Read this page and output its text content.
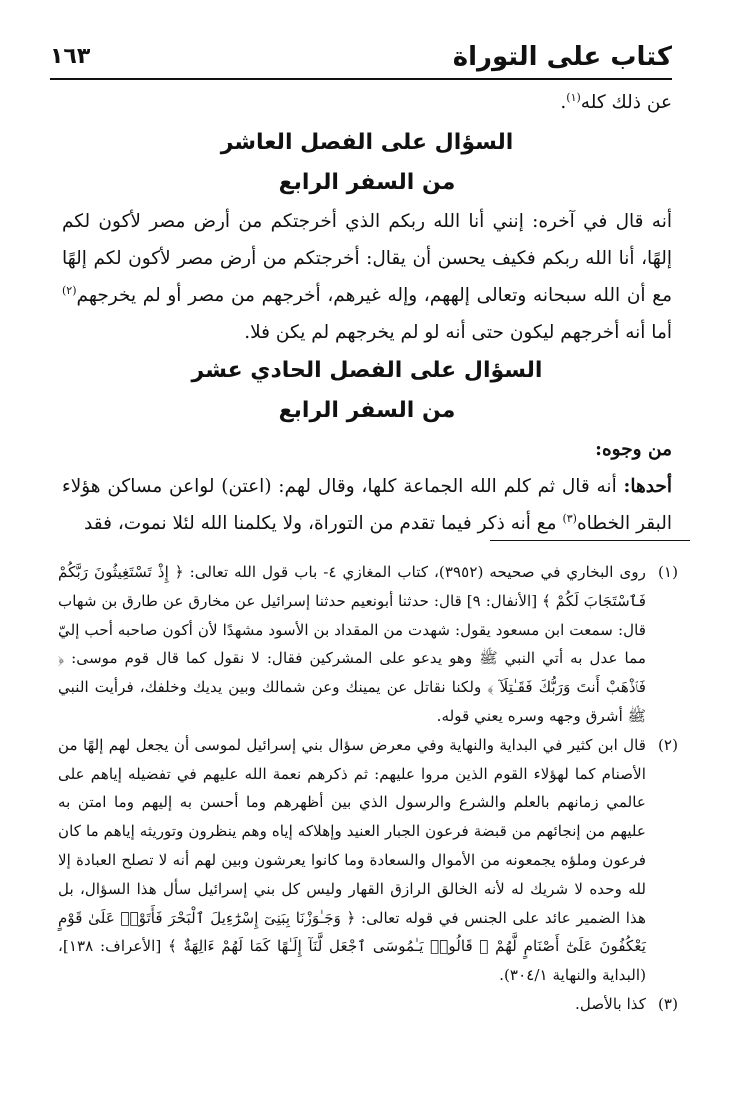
كتاب على التوراة
١٦٣

عن ذلك كله$^{(١)}$.

السؤال على الفصل العاشر
من السفر الرابع

أنه قال في آخره: إنني أنا الله ربكم الذي أخرجتكم من أرض مصر لأكون لكم إلهًا، أنا الله ربكم فكيف يحسن أن يقال: أخرجتكم من أرض مصر لأكون لكم إلهًا مع أن الله سبحانه وتعالى إلههم، وإله غيرهم، أخرجهم من مصر أو لم يخرجهم$^{(٢)}$ أما أنه أخرجهم ليكون حتى أنه لو لم يخرجهم لم يكن فلا.

السؤال على الفصل الحادي عشر
من السفر الرابع

من وجوه:

أحدها: أنه قال ثم كلم الله الجماعة كلها، وقال لهم: (اعتن) لواعن مساكن هؤلاء البقر الخطاه$^{(٣)}$ مع أنه ذكر فيما تقدم من التوراة، ولا يكلمنا الله لئلا نموت، فقد

(١)
روى البخاري في صحيحه (٣٩٥٢)، كتاب المغازي ٤- باب قول الله تعالى: ﴿ إِذْ تَسْتَغِيثُونَ رَبَّكُمْ فَٱسْتَجَابَ لَكُمْ ﴾ [الأنفال: ٩] قال: حدثنا أبونعيم حدثنا إسرائيل عن مخارق عن طارق بن شهاب قال: سمعت ابن مسعود يقول: شهدت من المقداد بن الأسود مشهدًا لأن أكون صاحبه أحب إليّ مما عدل به أتي النبي ﷺ وهو يدعو على المشركين فقال: لا نقول كما قال قوم موسى: ﴿ فَٱذْهَبْ أَنتَ وَرَبُّكَ فَقَـٰتِلَآ ﴾ ولكنا نقاتل عن يمينك وعن شمالك وبين يديك وخلفك، فرأيت النبي ﷺ أشرق وجهه وسره يعني قوله.
(٢)
قال ابن كثير في البداية والنهاية وفي معرض سؤال بني إسرائيل لموسى أن يجعل لهم إلهًا من الأصنام كما لهؤلاء القوم الذين مروا عليهم: ثم ذكرهم نعمة الله عليهم في تفضيله إياهم على عالمي زمانهم بالعلم والشرع والرسول الذي بين أظهرهم وما أحسن به إليهم وما امتن به عليهم من إنجائهم من قبضة فرعون الجبار العنيد وإهلاكه إياه وهم ينظرون وتوريثه إياهم ما كان فرعون وملؤه يجمعونه من الأموال والسعادة وما كانوا يعرشون وبين لهم أنه لا تصلح العبادة إلا لله وحده لا شريك له لأنه الخالق الرازق القهار وليس كل بني إسرائيل سأل هذا السؤال، بل هذا الضمير عائد على الجنس في قوله تعالى: ﴿ وَجَـٰوَزْنَا بِبَنِىٓ إِسْرَٰٓءِيلَ ٱلْبَحْرَ فَأَتَوْا۟ عَلَىٰ قَوْمٍ يَعْكُفُونَ عَلَىٰٓ أَصْنَامٍ لَّهُمْ ۚ قَالُوا۟ يَـٰمُوسَى ٱجْعَل لَّنَآ إِلَـٰهًا كَمَا لَهُمْ ءَالِهَةٌ ﴾ [الأعراف: ١٣٨]، (البداية والنهاية ٣٠٤/١).
(٣)
كذا بالأصل.
